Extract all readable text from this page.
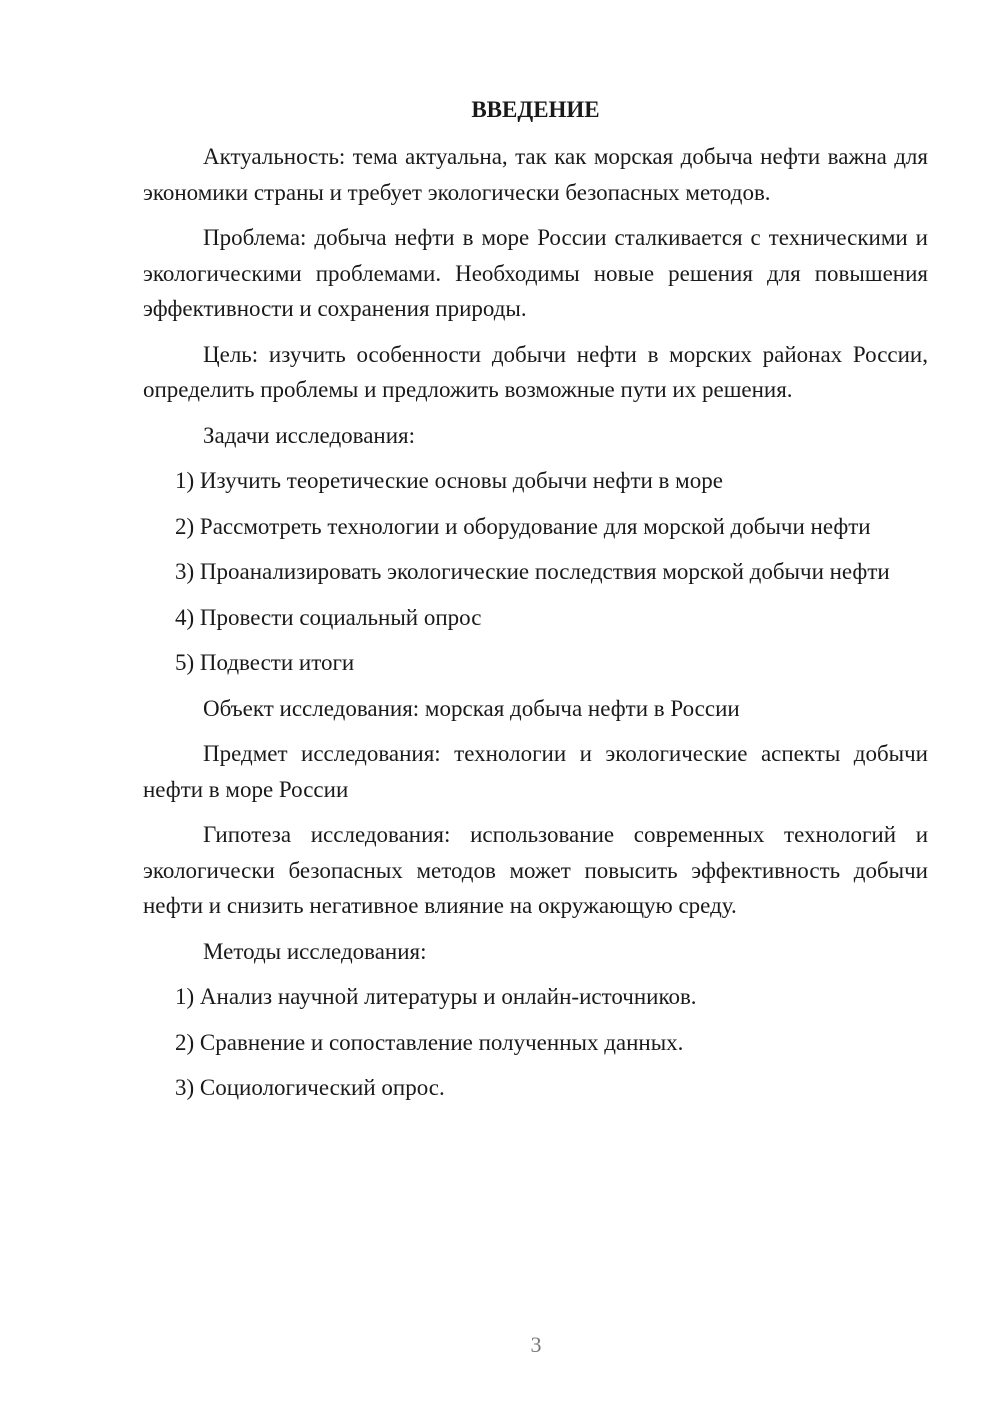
ВВЕДЕНИЕ
Актуальность: тема актуальна, так как морская добыча нефти важна для экономики страны и требует экологически безопасных методов.
Проблема: добыча нефти в море России сталкивается с техническими и экологическими проблемами. Необходимы новые решения для повышения эффективности и сохранения природы.
Цель: изучить особенности добычи нефти в морских районах России, определить проблемы и предложить возможные пути их решения.
Задачи исследования:
1) Изучить теоретические основы добычи нефти в море
2) Рассмотреть технологии и оборудование для морской добычи нефти
3) Проанализировать экологические последствия морской добычи нефти
4) Провести социальный опрос
5) Подвести итоги
Объект исследования: морская добыча нефти в России
Предмет исследования: технологии и экологические аспекты добычи нефти в море России
Гипотеза исследования: использование современных технологий и экологически безопасных методов может повысить эффективность добычи нефти и снизить негативное влияние на окружающую среду.
Методы исследования:
1) Анализ научной литературы и онлайн-источников.
2) Сравнение и сопоставление полученных данных.
3) Социологический опрос.
3
